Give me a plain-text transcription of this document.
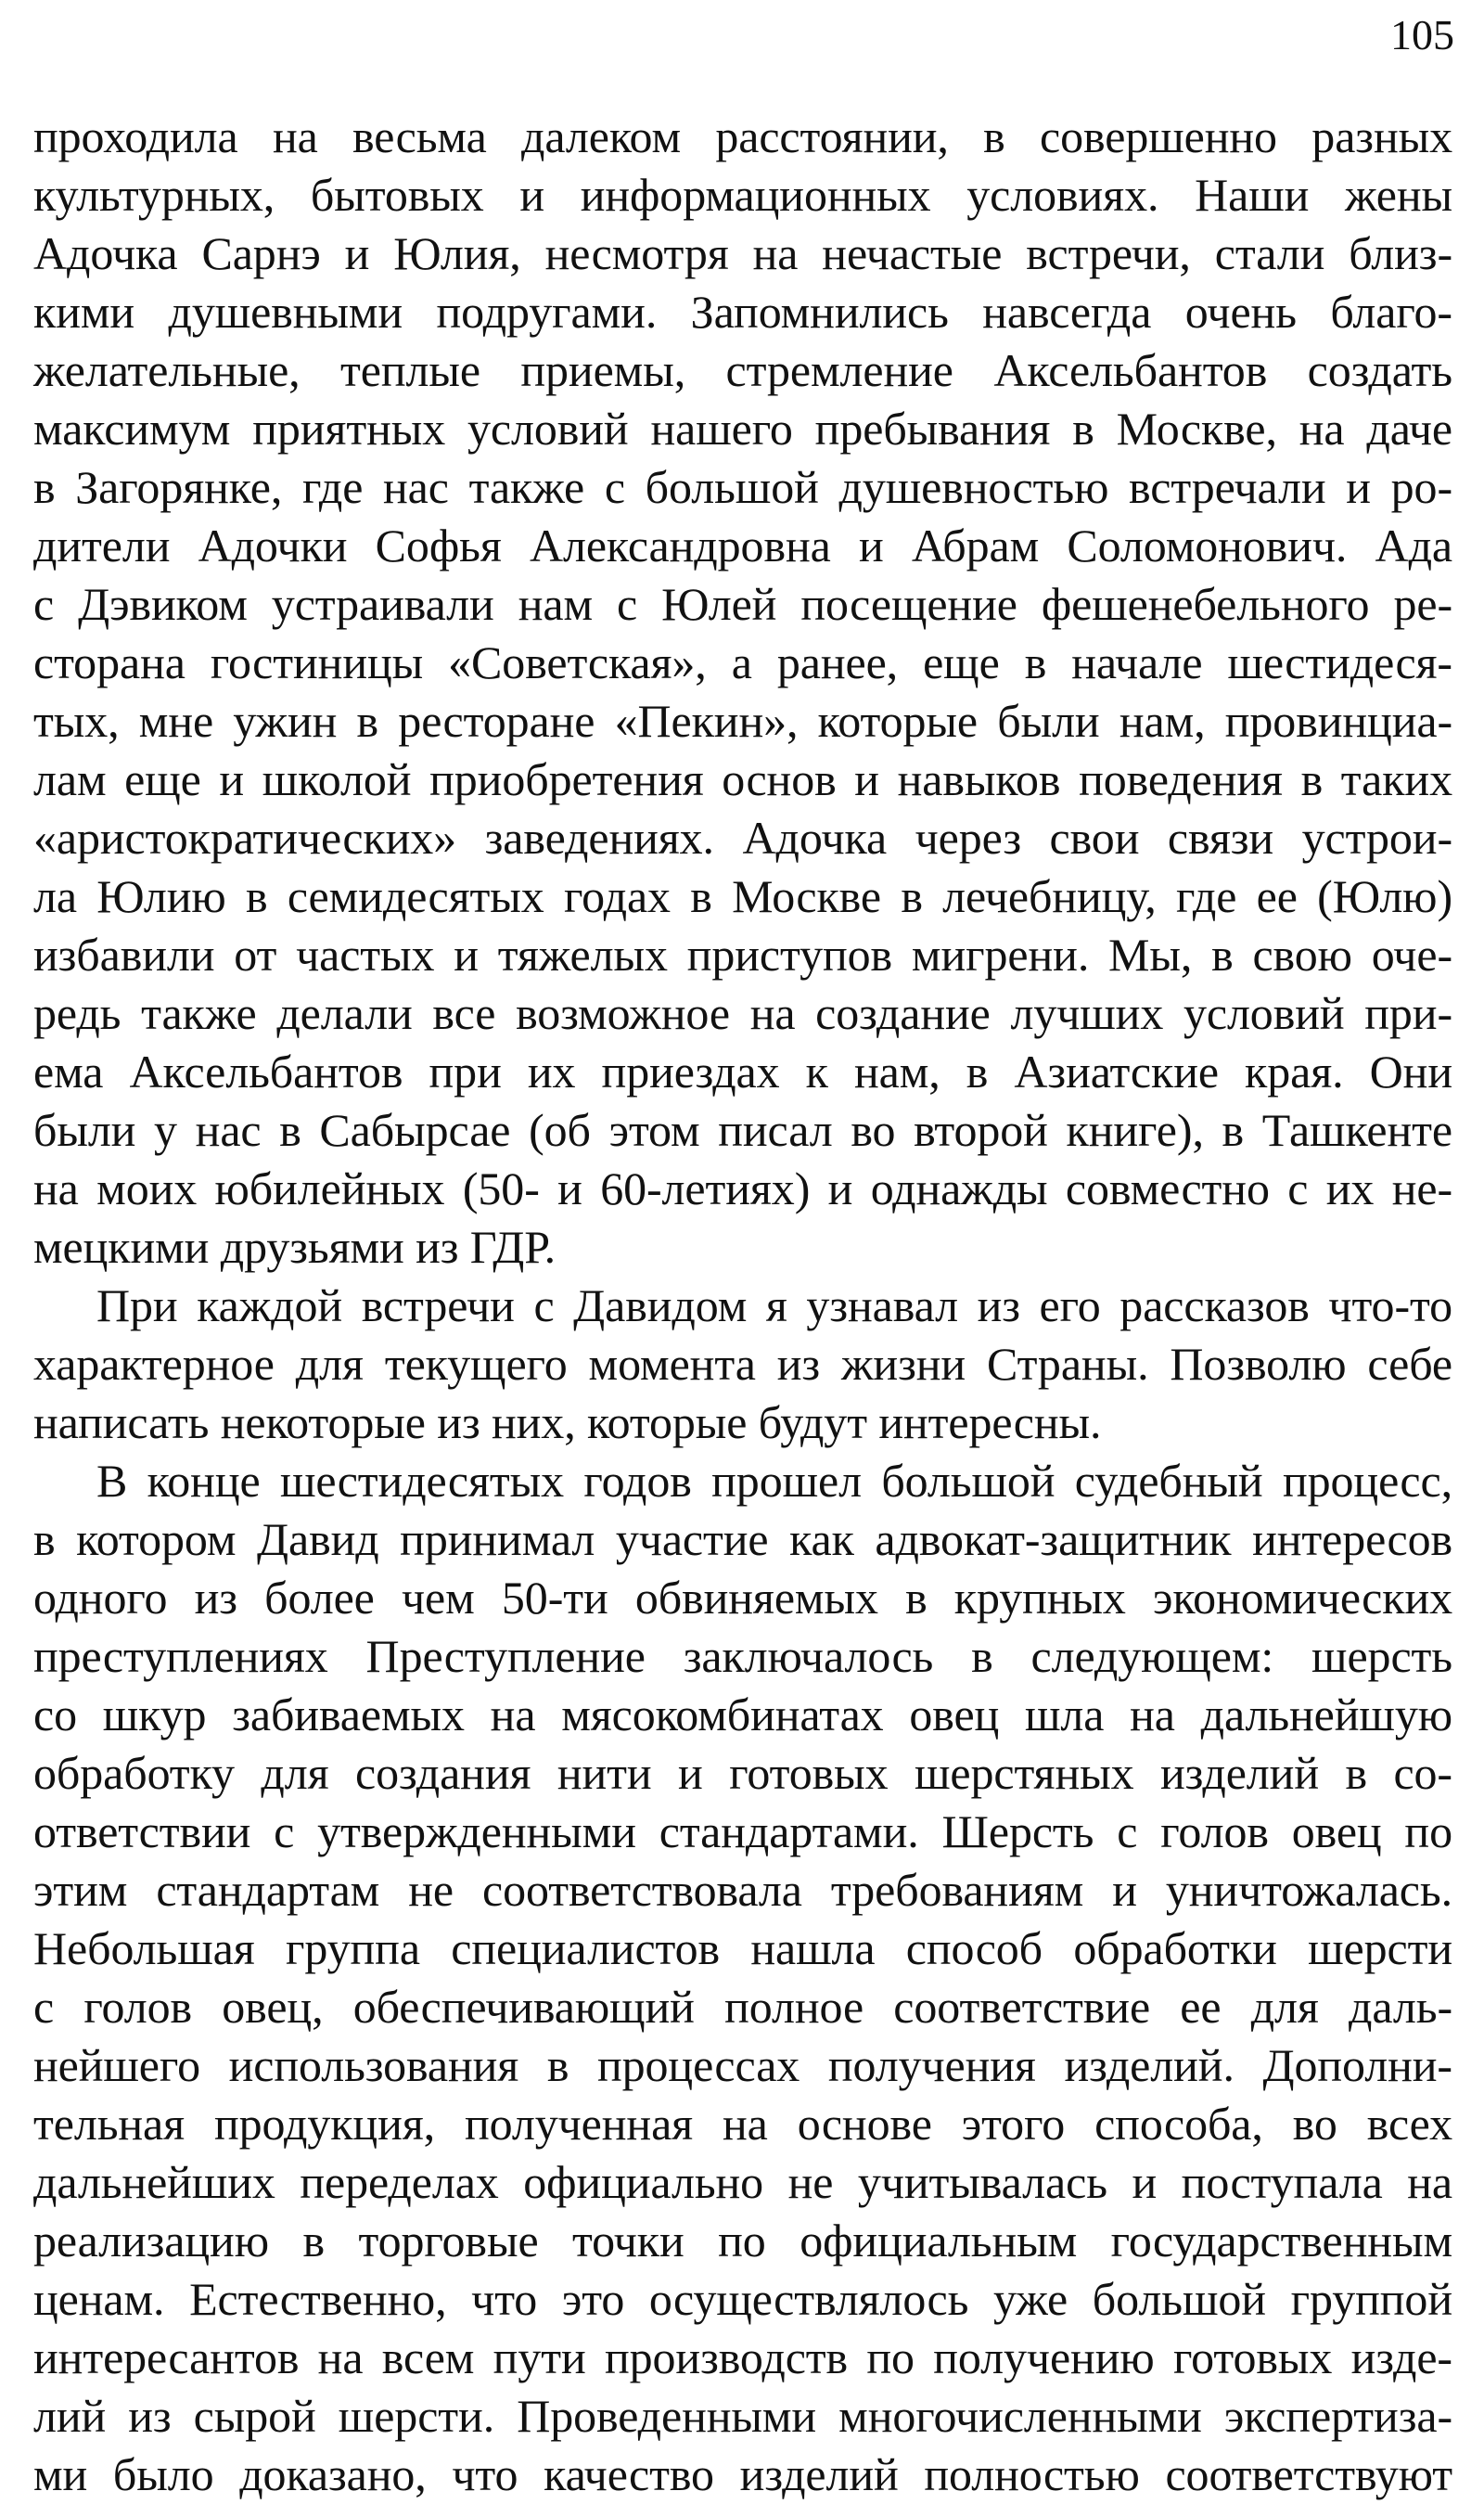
105
проходила на весьма далеком расстоянии, в совершенно разных
культурных, бытовых и информационных условиях. Наши жены
Адочка Сарнэ и Юлия, несмотря на нечастые встречи, стали близ-
кими душевными подругами. Запомнились навсегда очень благо-
желательные, теплые приемы, стремление Аксельбантов создать
максимум приятных условий нашего пребывания в Москве, на даче
в Загорянке, где нас также с большой душевностью встречали и ро-
дители Адочки Софья Александровна и Абрам Соломонович. Ада
с Дэвиком устраивали нам с Юлей посещение фешенебельного ре-
сторана гостиницы «Советская», а ранее, еще в начале шестидеся-
тых, мне ужин в ресторане «Пекин», которые были нам, провинциа-
лам еще и школой приобретения основ и навыков поведения в таких
«аристократических» заведениях. Адочка через свои связи устрои-
ла Юлию в семидесятых годах в Москве в лечебницу, где ее (Юлю)
избавили от частых и тяжелых приступов мигрени. Мы, в свою оче-
редь также делали все возможное на создание лучших условий при-
ема Аксельбантов при их приездах к нам, в Азиатские края. Они
были у нас в Сабырсае (об этом писал во второй книге), в Ташкенте
на моих юбилейных (50- и 60-летиях) и однажды совместно с их не-
мецкими друзьями из ГДР.
При каждой встречи с Давидом я узнавал из его рассказов что-то
характерное для текущего момента из жизни Страны. Позволю себе
написать некоторые из них, которые будут интересны.
В конце шестидесятых годов прошел большой судебный процесс,
в котором Давид принимал участие как адвокат-защитник интересов
одного из более чем 50-ти обвиняемых в крупных экономических
преступлениях Преступление заключалось в следующем: шерсть
со шкур забиваемых на мясокомбинатах овец шла на дальнейшую
обработку для создания нити и готовых шерстяных изделий в со-
ответствии с утвержденными стандартами. Шерсть с голов овец по
этим стандартам не соответствовала требованиям и уничтожалась.
Небольшая группа специалистов нашла способ обработки шерсти
с голов овец, обеспечивающий полное соответствие ее для даль-
нейшего использования в процессах получения изделий. Дополни-
тельная продукция, полученная на основе этого способа, во всех
дальнейших переделах официально не учитывалась и поступала на
реализацию в торговые точки по официальным государственным
ценам. Естественно, что это осуществлялось уже большой группой
интересантов на всем пути производств по получению готовых изде-
лий из сырой шерсти. Проведенными многочисленными экспертиза-
ми было доказано, что качество изделий полностью соответствуют
